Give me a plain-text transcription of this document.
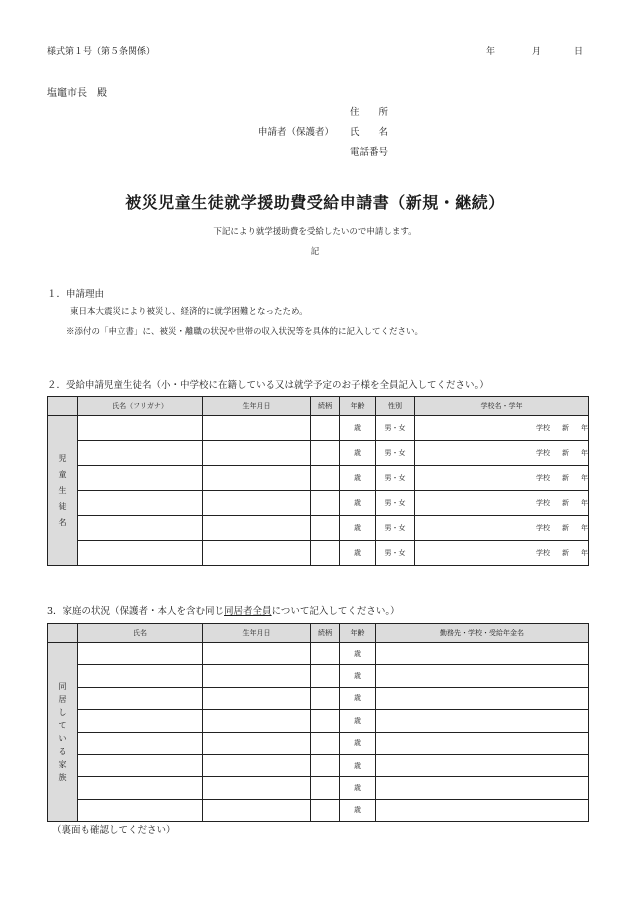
様式第１号（第５条関係）	年	月	日
塩竈市長　殿
住　　所
申請者（保護者） 氏　　名
電話番号
被災児童生徒就学援助費受給申請書（新規・継続）
下記により就学援助費を受給したいので申請します。
記
１．申請理由
東日本大震災により被災し、経済的に就学困難となったため。
※添付の「申立書」に、被災・離職の状況や世帯の収入状況等を具体的に記入してください。
２．受給申請児童生徒名（小・中学校に在籍している又は就学予定のお子様を全員記入してください。）
	氏名（フリガナ）	生年月日	続柄	年齢	性別	学校名・学年
児童生徒名				歳	男・女	学校 新 年
				歳	男・女	学校 新 年
				歳	男・女	学校 新 年
				歳	男・女	学校 新 年
				歳	男・女	学校 新 年
				歳	男・女	学校 新 年
3．家庭の状況（保護者・本人を含む同じ同居者全員について記入してください。）
	氏名	生年月日	続柄	年齢	勤務先・学校・受給年金名
同居している家族				歳	
				歳	
				歳	
				歳	
				歳	
				歳	
				歳	
				歳	
（裏面も確認してください）
